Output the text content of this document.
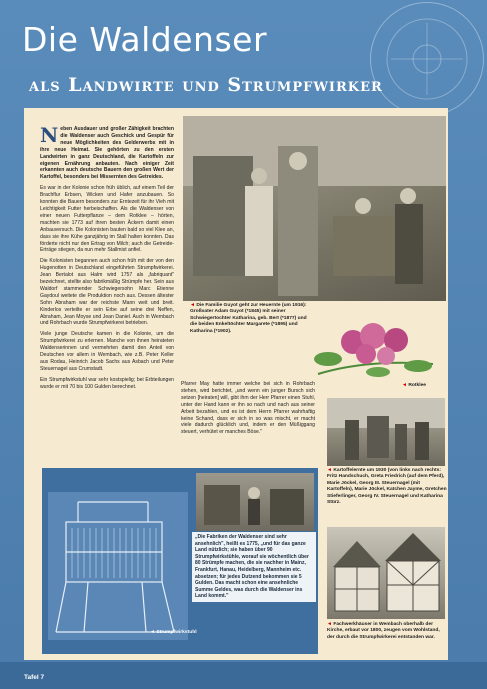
Die Waldenser
als Landwirte und Strumpfwirker

N eben Ausdauer und großer Zähigkeit brachten die Waldenser auch Geschick und Gespür für neue Möglichkeiten des Gelderwerbs mit in ihre neue Heimat. Sie gehörten zu den ersten Landwirten in ganz Deutschland, die Kartoffeln zur eigenen Ernährung anbauten. Nach einiger Zeit erkannten auch deutsche Bauern den großen Wert der Kartoffel, besonders bei Missernten des Getreides.

Es war in der Kolonie schon früh üblich, auf einem Teil der Brachflur Erbsen, Wicken und Hafer anzubauen. So konnten die Bauern besonders zur Erntezeit für ihr Vieh mit Leichtigkeit Futter herbeischaffen. Als die Waldenser von einer neuen Futterpflanze – dem Rotklee – hörten, machten sie 1773 auf ihren besten Äckern damit einen Anbauversuch. Die Kolonisten bauten bald so viel Klee an, dass sie ihre Kühe ganzjährig im Stall halten konnten. Das förderte nicht nur den Ertrag von Milch; auch die Getreide-Erträge stiegen, da nun mehr Stallmist anfiel.

Die Kolonisten begannen auch schon früh mit der von den Hugenotten in Deutschland eingeführten Strumpfwirkerei. Jean Bertalot aus Halm wird 1757 als „fabriquant" bezeichnet, stellte also fabrikmäßig Strümpfe her. Sein aus Waldorf stammender Schwiegersohn Marc Etienne Gaydoul weitete die Produktion noch aus. Dessen ältester Sohn Abraham war der reichste Mann weit und breit. Kinderlos verteilte er sein Erbe auf seine drei Neffen, Abraham, Jean Moyse und Jean Daniel. Auch in Wembach und Rohrbach wurde Strumpfwirkerei betrieben.

Viele junge Deutsche kamen in die Kolonie, um die Strumpfwirkerei zu erlernen. Manche von ihnen heirateten Waldenserinnen und vermehrten damit den Anteil von Deutschen vor allem in Wembach, wie z.B. Peter Keller aus Rodau, Heinrich Jacob Sachs aus Asbach und Peter Steuernagel aus Crumstadt.

Ein Strumpfwirkstuhl war sehr kostspielig; bei Erbteilungen wurde er mit 70 bis 100 Gulden berechnet.

◄ Die Familie Guyot geht zur Heuernte (um 1916): Großvater Adam Guyot (*1845) mit seiner Schwiegertochter Katharina, geb. Bert (*1877) und die beiden Enkeltöchter Margarete (*1895) und Katharina (*1902).
◄ Rotklee

Pfarrer May hatte immer welche bei sich in Rohrbach stehen, wird berichtet, „und wenn ein junger Bursch sich setzen [heiraten] will, gibt ihm der Herr Pfarrer einen Stuhl, unter der Hand kann er ihn so nach und nach aus seiner Arbeit bezahlen, und es ist dem Herrn Pfarrer wahrhaftig keine Schand, dass er sich in so was mischt, er macht viele dadurch glücklich und, indem er den Müßiggang steuert, verhütet er manches Böse."

◄ Kartoffelernte um 1930 (von links nach rechts: Fritz Handschuch, Greta Friedrich (auf dem Pferd), Marie Jöckel, Georg III. Steuernagel (mit Kartoffeln), Marie Jöckel, Katchen Jayme, Gretchen Stieferlinger, Georg IV. Steuernagel und Katharina Stürz.
„Die Fabriken der Waldenser sind sehr ansehnlich", heißt es 1775, „und für das ganze Land nützlich; sie haben über 90 Strumpfwirkstühle, worauf sie wöchentlich über 80 Strümpfe machen, die sie nachher in Mainz, Frankfurt, Hanau, Heidelberg, Mannheim etc. absetzen; für jedes Dutzend bekommen sie 5 Gulden. Das macht schon eine ansehnliche Summe Geldes, was durch die Waldenser ins Land kommt."
◄ Strumpfwirkstuhl
◄ Fachwerkhäuser in Wembach oberhalb der Kirche, erbaut vor 1800, zeugen vom Wohlstand, der durch die Strumpfwirkerei entstanden war.
Tafel 7
